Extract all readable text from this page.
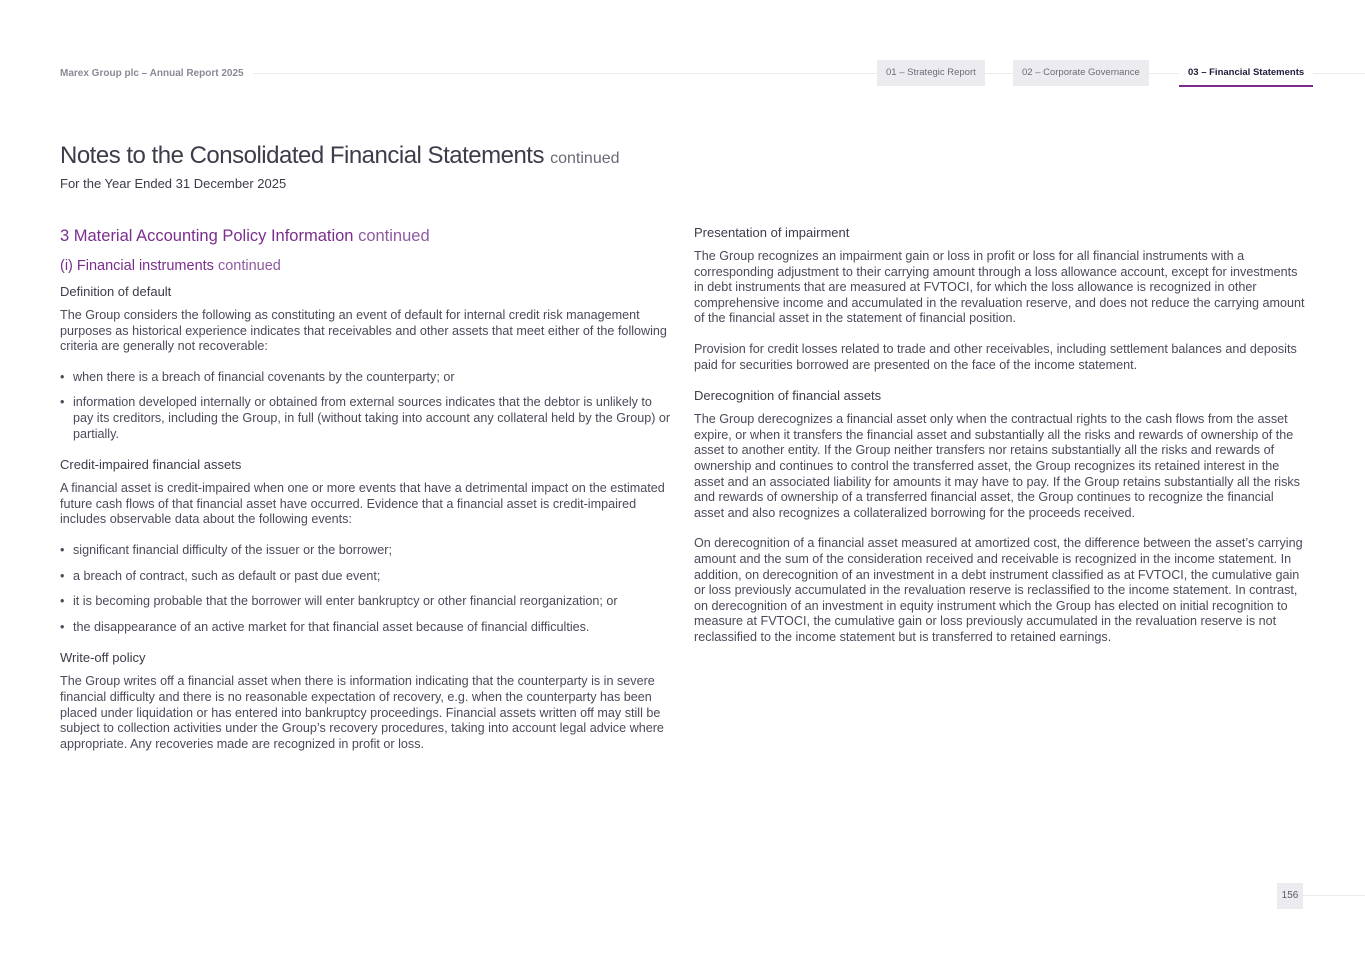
Marex Group plc – Annual Report 2025	01 – Strategic Report	02 – Corporate Governance	03 – Financial Statements
Notes to the Consolidated Financial Statements continued
For the Year Ended 31 December 2025
3 Material Accounting Policy Information continued
(i) Financial instruments continued
Definition of default

The Group considers the following as constituting an event of default for internal credit risk management purposes as historical experience indicates that receivables and other assets that meet either of the following criteria are generally not recoverable:

• when there is a breach of financial covenants by the counterparty; or
• information developed internally or obtained from external sources indicates that the debtor is unlikely to pay its creditors, including the Group, in full (without taking into account any collateral held by the Group) or partially.
Credit-impaired financial assets

A financial asset is credit-impaired when one or more events that have a detrimental impact on the estimated future cash flows of that financial asset have occurred. Evidence that a financial asset is credit-impaired includes observable data about the following events:

• significant financial difficulty of the issuer or the borrower;
• a breach of contract, such as default or past due event;
• it is becoming probable that the borrower will enter bankruptcy or other financial reorganization; or
• the disappearance of an active market for that financial asset because of financial difficulties.
Write-off policy

The Group writes off a financial asset when there is information indicating that the counterparty is in severe financial difficulty and there is no reasonable expectation of recovery, e.g. when the counterparty has been placed under liquidation or has entered into bankruptcy proceedings. Financial assets written off may still be subject to collection activities under the Group’s recovery procedures, taking into account legal advice where appropriate. Any recoveries made are recognized in profit or loss.

Presentation of impairment

The Group recognizes an impairment gain or loss in profit or loss for all financial instruments with a corresponding adjustment to their carrying amount through a loss allowance account, except for investments in debt instruments that are measured at FVTOCI, for which the loss allowance is recognized in other comprehensive income and accumulated in the revaluation reserve, and does not reduce the carrying amount of the financial asset in the statement of financial position.

Provision for credit losses related to trade and other receivables, including settlement balances and deposits paid for securities borrowed are presented on the face of the income statement.

Derecognition of financial assets

The Group derecognizes a financial asset only when the contractual rights to the cash flows from the asset expire, or when it transfers the financial asset and substantially all the risks and rewards of ownership of the asset to another entity. If the Group neither transfers nor retains substantially all the risks and rewards of ownership and continues to control the transferred asset, the Group recognizes its retained interest in the asset and an associated liability for amounts it may have to pay. If the Group retains substantially all the risks and rewards of ownership of a transferred financial asset, the Group continues to recognize the financial asset and also recognizes a collateralized borrowing for the proceeds received.

On derecognition of a financial asset measured at amortized cost, the difference between the asset’s carrying amount and the sum of the consideration received and receivable is recognized in the income statement. In addition, on derecognition of an investment in a debt instrument classified as at FVTOCI, the cumulative gain or loss previously accumulated in the revaluation reserve is reclassified to the income statement. In contrast, on derecognition of an investment in equity instrument which the Group has elected on initial recognition to measure at FVTOCI, the cumulative gain or loss previously accumulated in the revaluation reserve is not reclassified to the income statement but is transferred to retained earnings.

156
